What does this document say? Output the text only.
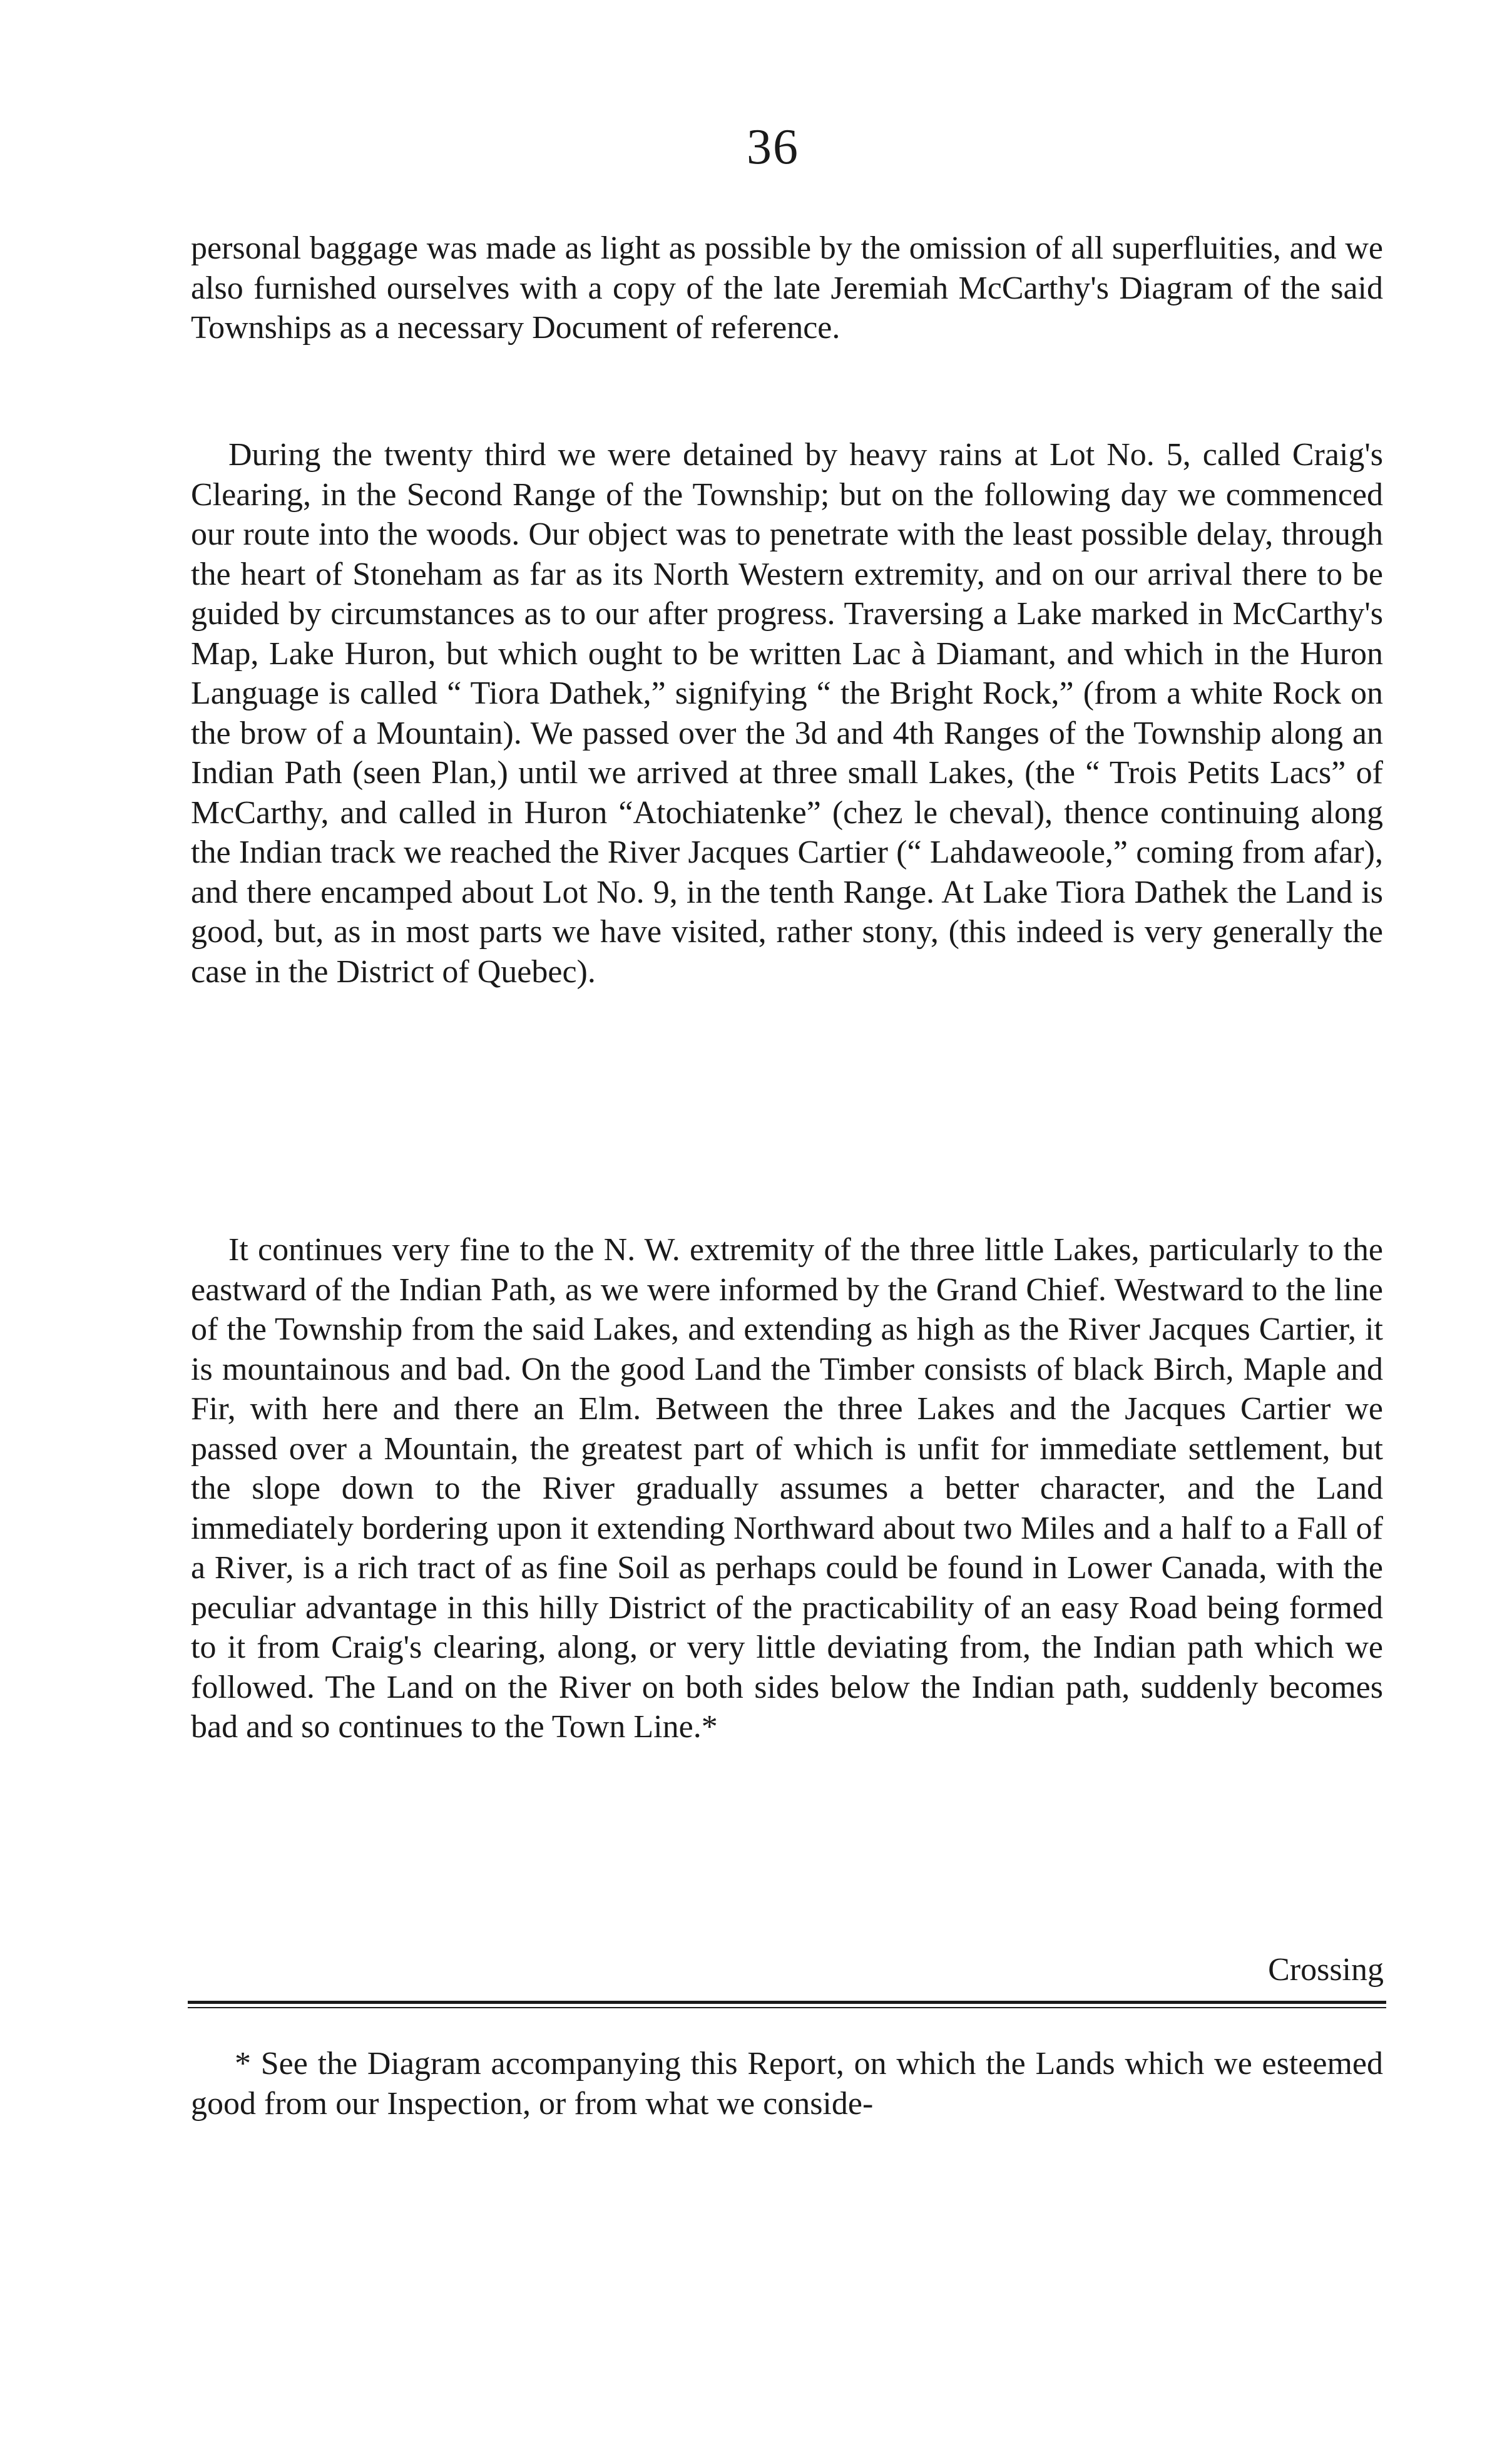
36

personal baggage was made as light as possible by the omission of all superfluities, and we also furnished ourselves with a copy of the late Jeremiah McCarthy's Diagram of the said Townships as a necessary Document of reference.

During the twenty third we were detained by heavy rains at Lot No. 5, called Craig's Clearing, in the Second Range of the Township; but on the following day we commenced our route into the woods. Our object was to penetrate with the least possible delay, through the heart of Stoneham as far as its North Western extremity, and on our arrival there to be guided by circumstances as to our after progress. Traversing a Lake marked in McCarthy's Map, Lake Huron, but which ought to be written Lac à Diamant, and which in the Huron Language is called “ Tiora Dathek,” signifying “ the Bright Rock,” (from a white Rock on the brow of a Mountain). We passed over the 3d and 4th Ranges of the Township along an Indian Path (seen Plan,) until we arrived at three small Lakes, (the “ Trois Petits Lacs” of McCarthy, and called in Huron “Atochiatenke” (chez le cheval), thence continuing along the Indian track we reached the River Jacques Cartier (“ Lahdaweoole,” coming from afar), and there encamped about Lot No. 9, in the tenth Range. At Lake Tiora Dathek the Land is good, but, as in most parts we have visited, rather stony, (this indeed is very generally the case in the District of Quebec).

It continues very fine to the N. W. extremity of the three little Lakes, particularly to the eastward of the Indian Path, as we were informed by the Grand Chief. Westward to the line of the Township from the said Lakes, and extending as high as the River Jacques Cartier, it is mountainous and bad. On the good Land the Timber consists of black Birch, Maple and Fir, with here and there an Elm. Between the three Lakes and the Jacques Cartier we passed over a Mountain, the greatest part of which is unfit for immediate settlement, but the slope down to the River gradually assumes a better character, and the Land immediately bordering upon it extending Northward about two Miles and a half to a Fall of a River, is a rich tract of as fine Soil as perhaps could be found in Lower Canada, with the peculiar advantage in this hilly District of the practicability of an easy Road being formed to it from Craig's clearing, along, or very little deviating from, the Indian path which we followed. The Land on the River on both sides below the Indian path, suddenly becomes bad and so continues to the Town Line.*

Crossing

* See the Diagram accompanying this Report, on which the Lands which we esteemed good from our Inspection, or from what we conside-
